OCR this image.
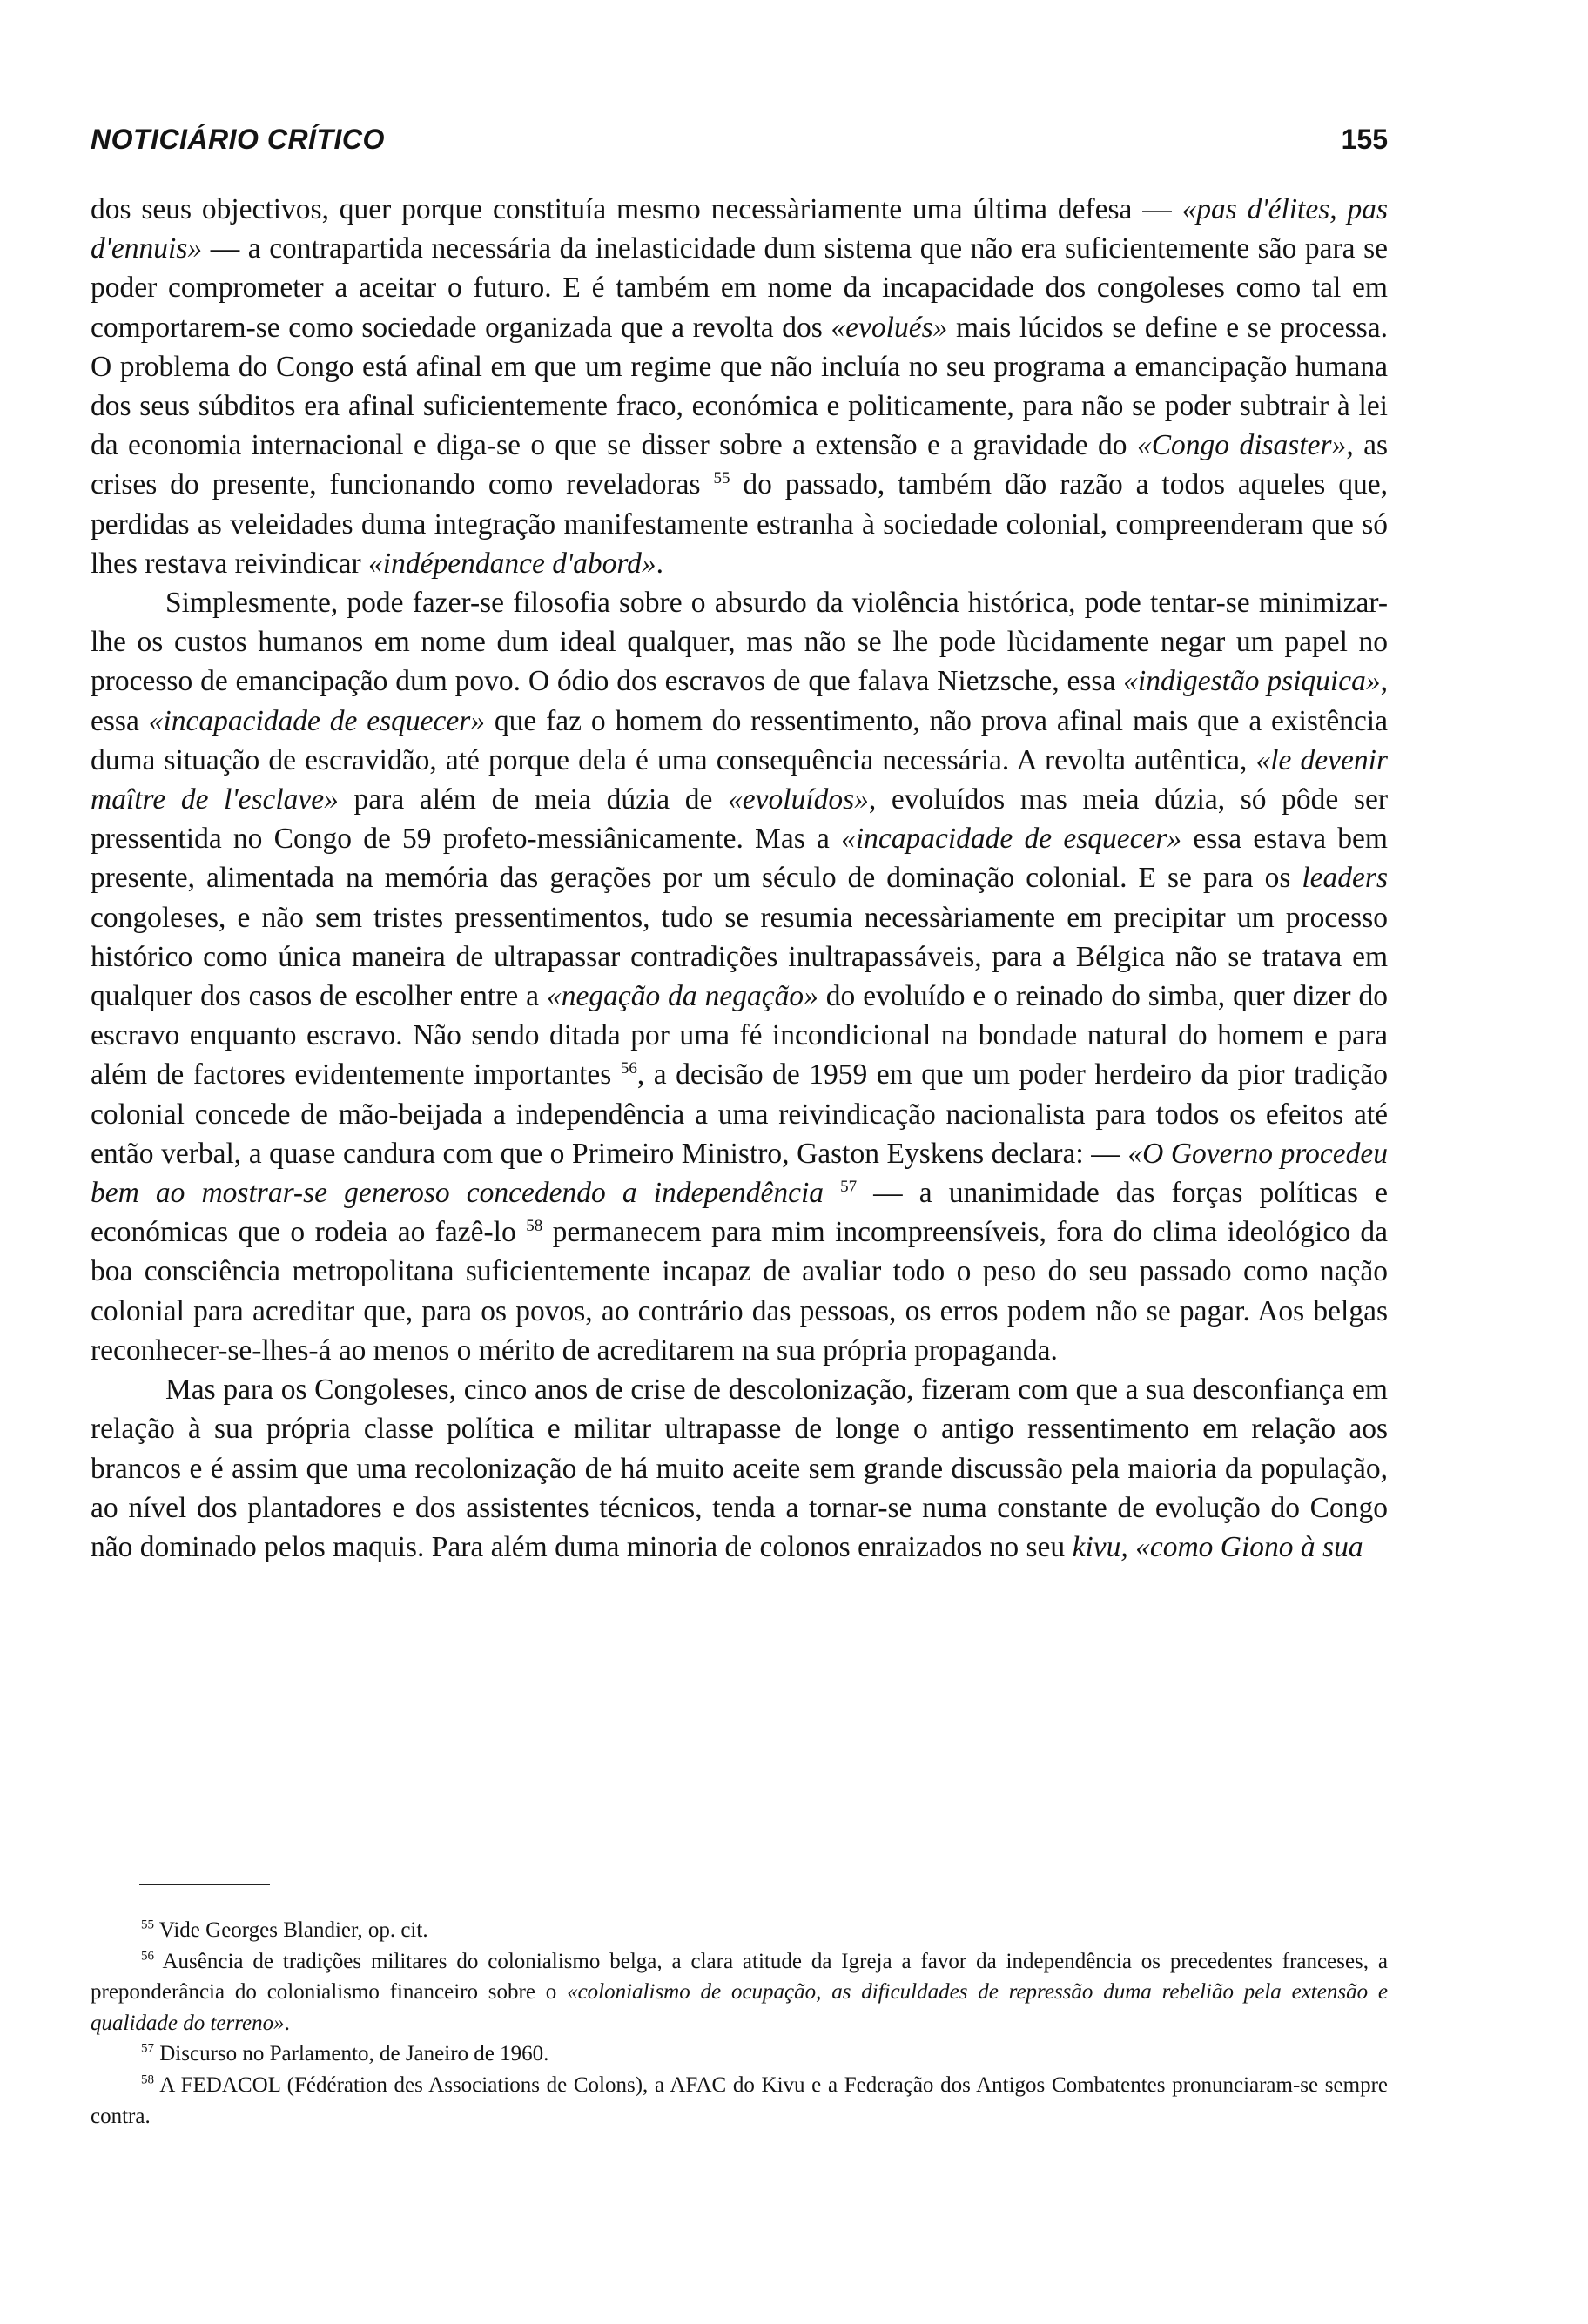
NOTICIÁRIO CRÍTICO	155

dos seus objectivos, quer porque constituía mesmo necessàriamente uma última defesa — «pas d'élites, pas d'ennuis» — a contrapartida necessária da inelasticidade dum sistema que não era suficientemente são para se poder comprometer a aceitar o futuro. E é também em nome da incapacidade dos congoleses como tal em comportarem-se como sociedade organizada que a revolta dos «evolués» mais lúcidos se define e se processa. O problema do Congo está afinal em que um regime que não incluía no seu programa a emancipação humana dos seus súbditos era afinal suficientemente fraco, económica e politicamente, para não se poder subtrair à lei da economia internacional e diga-se o que se disser sobre a extensão e a gravidade do «Congo disaster», as crises do presente, funcionando como reveladoras $^{55}$ do passado, também dão razão a todos aqueles que, perdidas as veleidades duma integração manifestamente estranha à sociedade colonial, compreenderam que só lhes restava reivindicar «indépendance d'abord».

Simplesmente, pode fazer-se filosofia sobre o absurdo da violência histórica, pode tentar-se minimizar-lhe os custos humanos em nome dum ideal qualquer, mas não se lhe pode lùcidamente negar um papel no processo de emancipação dum povo. O ódio dos escravos de que falava Nietzsche, essa «indigestão psiquica», essa «incapacidade de esquecer» que faz o homem do ressentimento, não prova afinal mais que a existência duma situação de escravidão, até porque dela é uma consequência necessária. A revolta autêntica, «le devenir maître de l'esclave» para além de meia dúzia de «evoluídos», evoluídos mas meia dúzia, só pôde ser pressentida no Congo de 59 profeto-messiânicamente. Mas a «incapacidade de esquecer» essa estava bem presente, alimentada na memória das gerações por um século de dominação colonial. E se para os leaders congoleses, e não sem tristes pressentimentos, tudo se resumia necessàriamente em precipitar um processo histórico como única maneira de ultrapassar contradições inultrapassáveis, para a Bélgica não se tratava em qualquer dos casos de escolher entre a «negação da negação» do evoluído e o reinado do simba, quer dizer do escravo enquanto escravo. Não sendo ditada por uma fé incondicional na bondade natural do homem e para além de factores evidentemente importantes $^{56}$, a decisão de 1959 em que um poder herdeiro da pior tradição colonial concede de mão-beijada a independência a uma reivindicação nacionalista para todos os efeitos até então verbal, a quase candura com que o Primeiro Ministro, Gaston Eyskens declara: — «O Governo procedeu bem ao mostrar-se generoso concedendo a independência $^{57}$ — a unanimidade das forças políticas e económicas que o rodeia ao fazê-lo $^{58}$ permanecem para mim incompreensíveis, fora do clima ideológico da boa consciência metropolitana suficientemente incapaz de avaliar todo o peso do seu passado como nação colonial para acreditar que, para os povos, ao contrário das pessoas, os erros podem não se pagar. Aos belgas reconhecer-se-lhes-á ao menos o mérito de acreditarem na sua própria propaganda.

Mas para os Congoleses, cinco anos de crise de descolonização, fizeram com que a sua desconfiança em relação à sua própria classe política e militar ultrapasse de longe o antigo ressentimento em relação aos brancos e é assim que uma recolonização de há muito aceite sem grande discussão pela maioria da população, ao nível dos plantadores e dos assistentes técnicos, tenda a tornar-se numa constante de evolução do Congo não dominado pelos maquis. Para além duma minoria de colonos enraizados no seu kivu, «como Giono à sua

$^{55}$ Vide Georges Blandier, op. cit.

$^{56}$ Ausência de tradições militares do colonialismo belga, a clara atitude da Igreja a favor da independência os precedentes franceses, a preponderância do colonialismo financeiro sobre o «colonialismo de ocupação, as dificuldades de repressão duma rebelião pela extensão e qualidade do terreno».

$^{57}$ Discurso no Parlamento, de Janeiro de 1960.

$^{58}$ A FEDACOL (Fédération des Associations de Colons), a AFAC do Kivu e a Federação dos Antigos Combatentes pronunciaram-se sempre contra.
